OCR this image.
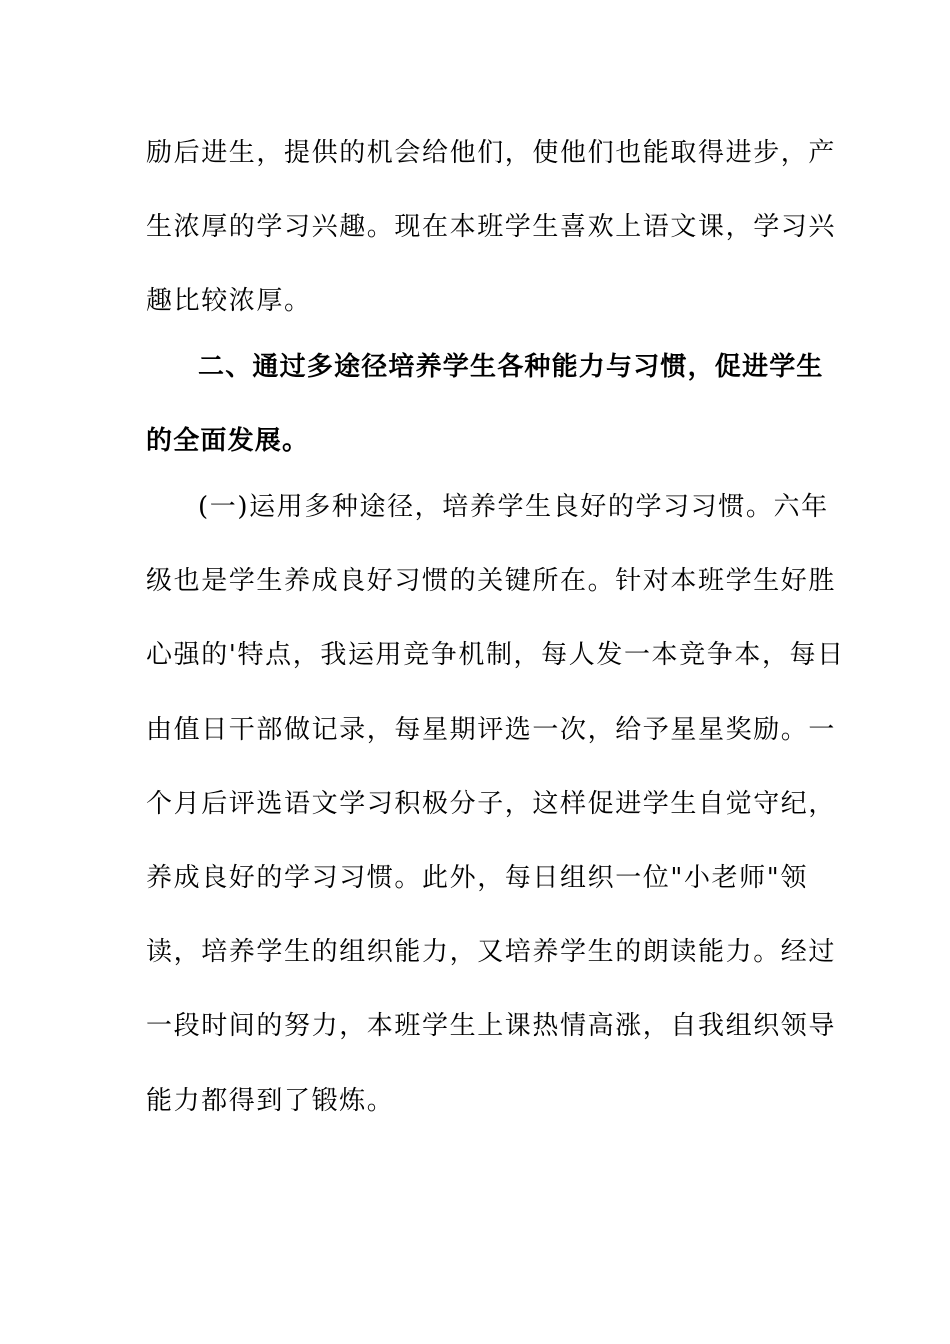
励后进生，提供的机会给他们，使他们也能取得进步，产
生浓厚的学习兴趣。现在本班学生喜欢上语文课，学习兴
趣比较浓厚。
二、通过多途径培养学生各种能力与习惯，促进学生
的全面发展。
(一)运用多种途径，培养学生良好的学习习惯。六年
级也是学生养成良好习惯的关键所在。针对本班学生好胜
心强的'特点，我运用竞争机制，每人发一本竞争本，每日
由值日干部做记录，每星期评选一次，给予星星奖励。一
个月后评选语文学习积极分子，这样促进学生自觉守纪，
养成良好的学习习惯。此外，每日组织一位"小老师"领
读，培养学生的组织能力，又培养学生的朗读能力。经过
一段时间的努力，本班学生上课热情高涨，自我组织领导
能力都得到了锻炼。
